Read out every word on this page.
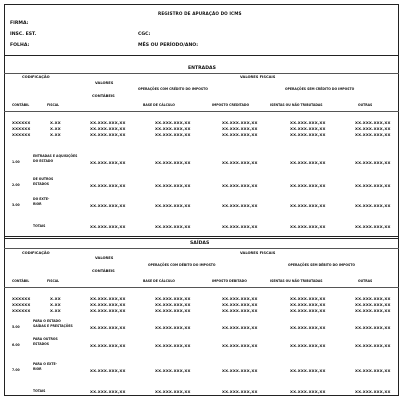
REGISTRO DE APURAÇÃO DO ICMS
FIRMA:
INSC. EST.	CGC:
FOLHA:	MÊS OU PERÍODO/ANO:
ENTRADAS
CODIFICAÇÃO	VALORES FISCAIS
VALORES
CONTÁBEIS
OPERAÇÕES COM CRÉDITO DO IMPOSTO	OPERAÇÕES SEM CRÉDITO DO IMPOSTO
CONTÁBIL	FISCAL	BASE DE CÁLCULO	IMPOSTO CREDITADO	ISENTAS OU NÃO TRIBUTADAS	OUTRAS
XXXXXX	X.XX	XX.XXX.XXX,XX	XX.XXX.XXX,XX	XX.XXX.XXX,XX	XX.XXX.XXX,XX	XX.XXX.XXX,XX
XXXXXX	X.XX	XX.XXX.XXX,XX	XX.XXX.XXX,XX	XX.XXX.XXX,XX	XX.XXX.XXX,XX	XX.XXX.XXX,XX
XXXXXX	X.XX	XX.XXX.XXX,XX	XX.XXX.XXX,XX	XX.XXX.XXX,XX	XX.XXX.XXX,XX	XX.XXX.XXX,XX
1.00
ENTRADAS E AQUISIÇÕES
DO ESTADO	XX.XXX.XXX,XX	XX.XXX.XXX,XX	XX.XXX.XXX,XX	XX.XXX.XXX,XX	XX.XXX.XXX,XX
2.00
DE OUTROS
ESTADOS	XX.XXX.XXX,XX	XX.XXX.XXX,XX	XX.XXX.XXX,XX	XX.XXX.XXX,XX	XX.XXX.XXX,XX
3.00
DO EXTE-
RIOR	XX.XXX.XXX,XX	XX.XXX.XXX,XX	XX.XXX.XXX,XX	XX.XXX.XXX,XX	XX.XXX.XXX,XX
TOTAIS	XX.XXX.XXX,XX	XX.XXX.XXX,XX	XX.XXX.XXX,XX	XX.XXX.XXX,XX	XX.XXX.XXX,XX
SAÍDAS
CODIFICAÇÃO	VALORES FISCAIS
VALORES
CONTÁBEIS
OPERAÇÕES COM DÉBITO DO IMPOSTO	OPERAÇÕES SEM DÉBITO DO IMPOSTO
CONTÁBIL	FISCAL	BASE DE CÁLCULO	IMPOSTO DEBITADO	ISENTAS OU NÃO TRIBUTADAS	OUTRAS
XXXXXX	X.XX	XX.XXX.XXX,XX	XX.XXX.XXX,XX	XX.XXX.XXX,XX	XX.XXX.XXX,XX	XX.XXX.XXX,XX
XXXXXX	X.XX	XX.XXX.XXX,XX	XX.XXX.XXX,XX	XX.XXX.XXX,XX	XX.XXX.XXX,XX	XX.XXX.XXX,XX
XXXXXX	X.XX	XX.XXX.XXX,XX	XX.XXX.XXX,XX	XX.XXX.XXX,XX	XX.XXX.XXX,XX	XX.XXX.XXX,XX
5.00
PARA O ESTADO
SAÍDAS E PRESTAÇÕES	XX.XXX.XXX,XX	XX.XXX.XXX,XX	XX.XXX.XXX,XX	XX.XXX.XXX,XX	XX.XXX.XXX,XX
6.00
PARA OUTROS
ESTADOS	XX.XXX.XXX,XX	XX.XXX.XXX,XX	XX.XXX.XXX,XX	XX.XXX.XXX,XX	XX.XXX.XXX,XX
7.00
PARA O EXTE-
RIOR	XX.XXX.XXX,XX	XX.XXX.XXX,XX	XX.XXX.XXX,XX	XX.XXX.XXX,XX	XX.XXX.XXX,XX
TOTAIS	XX.XXX.XXX,XX	XX.XXX.XXX,XX	XX.XXX.XXX,XX	XX.XXX.XXX,XX	XX.XXX.XXX,XX
